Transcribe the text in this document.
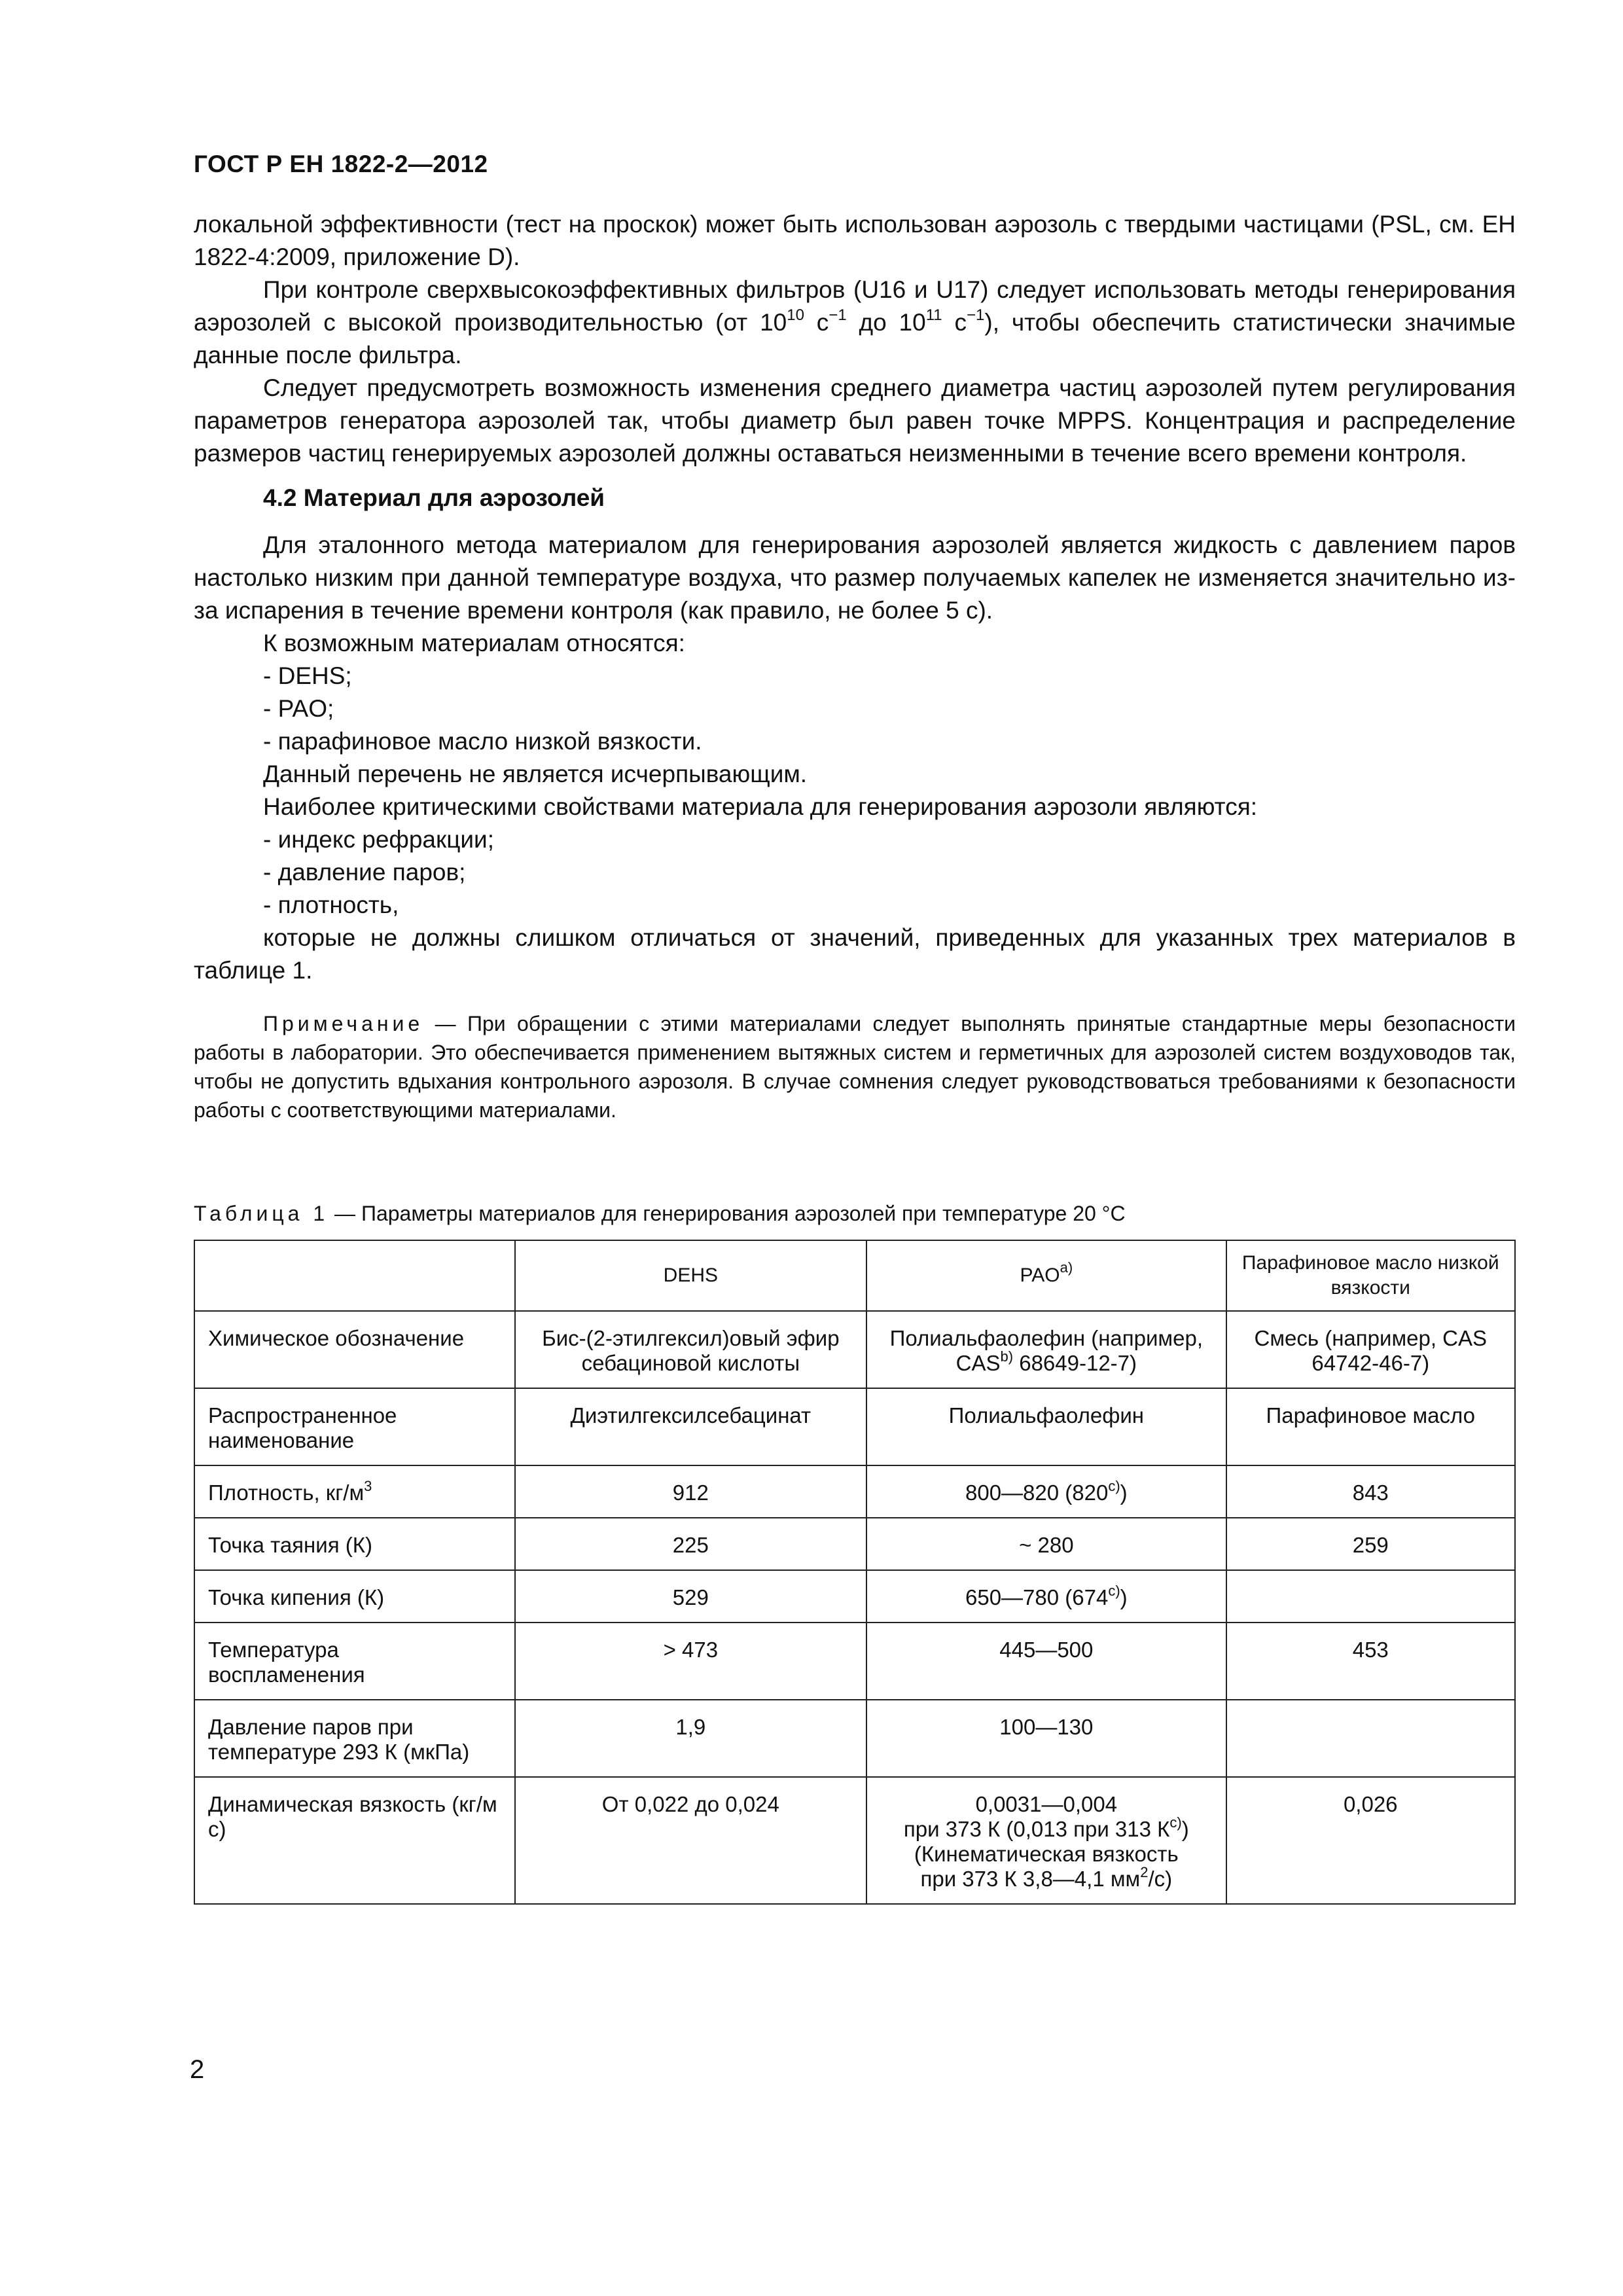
ГОСТ Р ЕН 1822-2—2012

локальной эффективности (тест на проскок) может быть использован аэрозоль с твердыми частицами (PSL, см. ЕН 1822-4:2009, приложение D).

При контроле сверхвысокоэффективных фильтров (U16 и U17) следует использовать методы генерирования аэрозолей с высокой производительностью (от $10^{10}$ $с^{-1}$ до $10^{11}$ $с^{-1}$), чтобы обеспечить статистически значимые данные после фильтра.

Следует предусмотреть возможность изменения среднего диаметра частиц аэрозолей путем регулирования параметров генератора аэрозолей так, чтобы диаметр был равен точке MPPS. Концентрация и распределение размеров частиц генерируемых аэрозолей должны оставаться неизменными в течение всего времени контроля.

4.2 Материал для аэрозолей

Для эталонного метода материалом для генерирования аэрозолей является жидкость с давлением паров настолько низким при данной температуре воздуха, что размер получаемых капелек не изменяется значительно из-за испарения в течение времени контроля (как правило, не более 5 с).

К возможным материалам относятся:

- DEHS;

- PAO;

- парафиновое масло низкой вязкости.

Данный перечень не является исчерпывающим.

Наиболее критическими свойствами материала для генерирования аэрозоли являются:

- индекс рефракции;

- давление паров;

- плотность,

которые не должны слишком отличаться от значений, приведенных для указанных трех материалов в таблице 1.

Примечание — При обращении с этими материалами следует выполнять принятые стандартные меры безопасности работы в лаборатории. Это обеспечивается применением вытяжных систем и герметичных для аэрозолей систем воздуховодов так, чтобы не допустить вдыхания контрольного аэрозоля. В случае сомнения следует руководствоваться требованиями к безопасности работы с соответствующими материалами.

Таблица 1 — Параметры материалов для генерирования аэрозолей при температуре 20 °С

	DEHS	PAO$^{a)}$	Парафиновое масло низкой вязкости
Химическое обозначение	Бис-(2-этилгексил)овый эфир себациновой кислоты	Полиальфаолефин (например, CAS$^{b)}$ 68649-12-7)	Смесь (например, CAS 64742-46-7)
Распространенное наименование	Диэтилгексилсебацинат	Полиальфаолефин	Парафиновое масло
Плотность, $кг/м^3$	912	800—820 (820$^{c)}$)	843
Точка таяния (К)	225	~ 280	259
Точка кипения (К)	529	650—780 (674$^{c)}$)	
Температура воспламенения	> 473	445—500	453
Давление паров при температуре 293 К (мкПа)	1,9	100—130	
Динамическая вязкость (кг/м с)	От 0,022 до 0,024	0,0031—0,004
при 373 К (0,013 при 313 $К^{c)}$)
(Кинематическая вязкость
при 373 К 3,8—4,1 $мм^2/с$)	0,026

2
